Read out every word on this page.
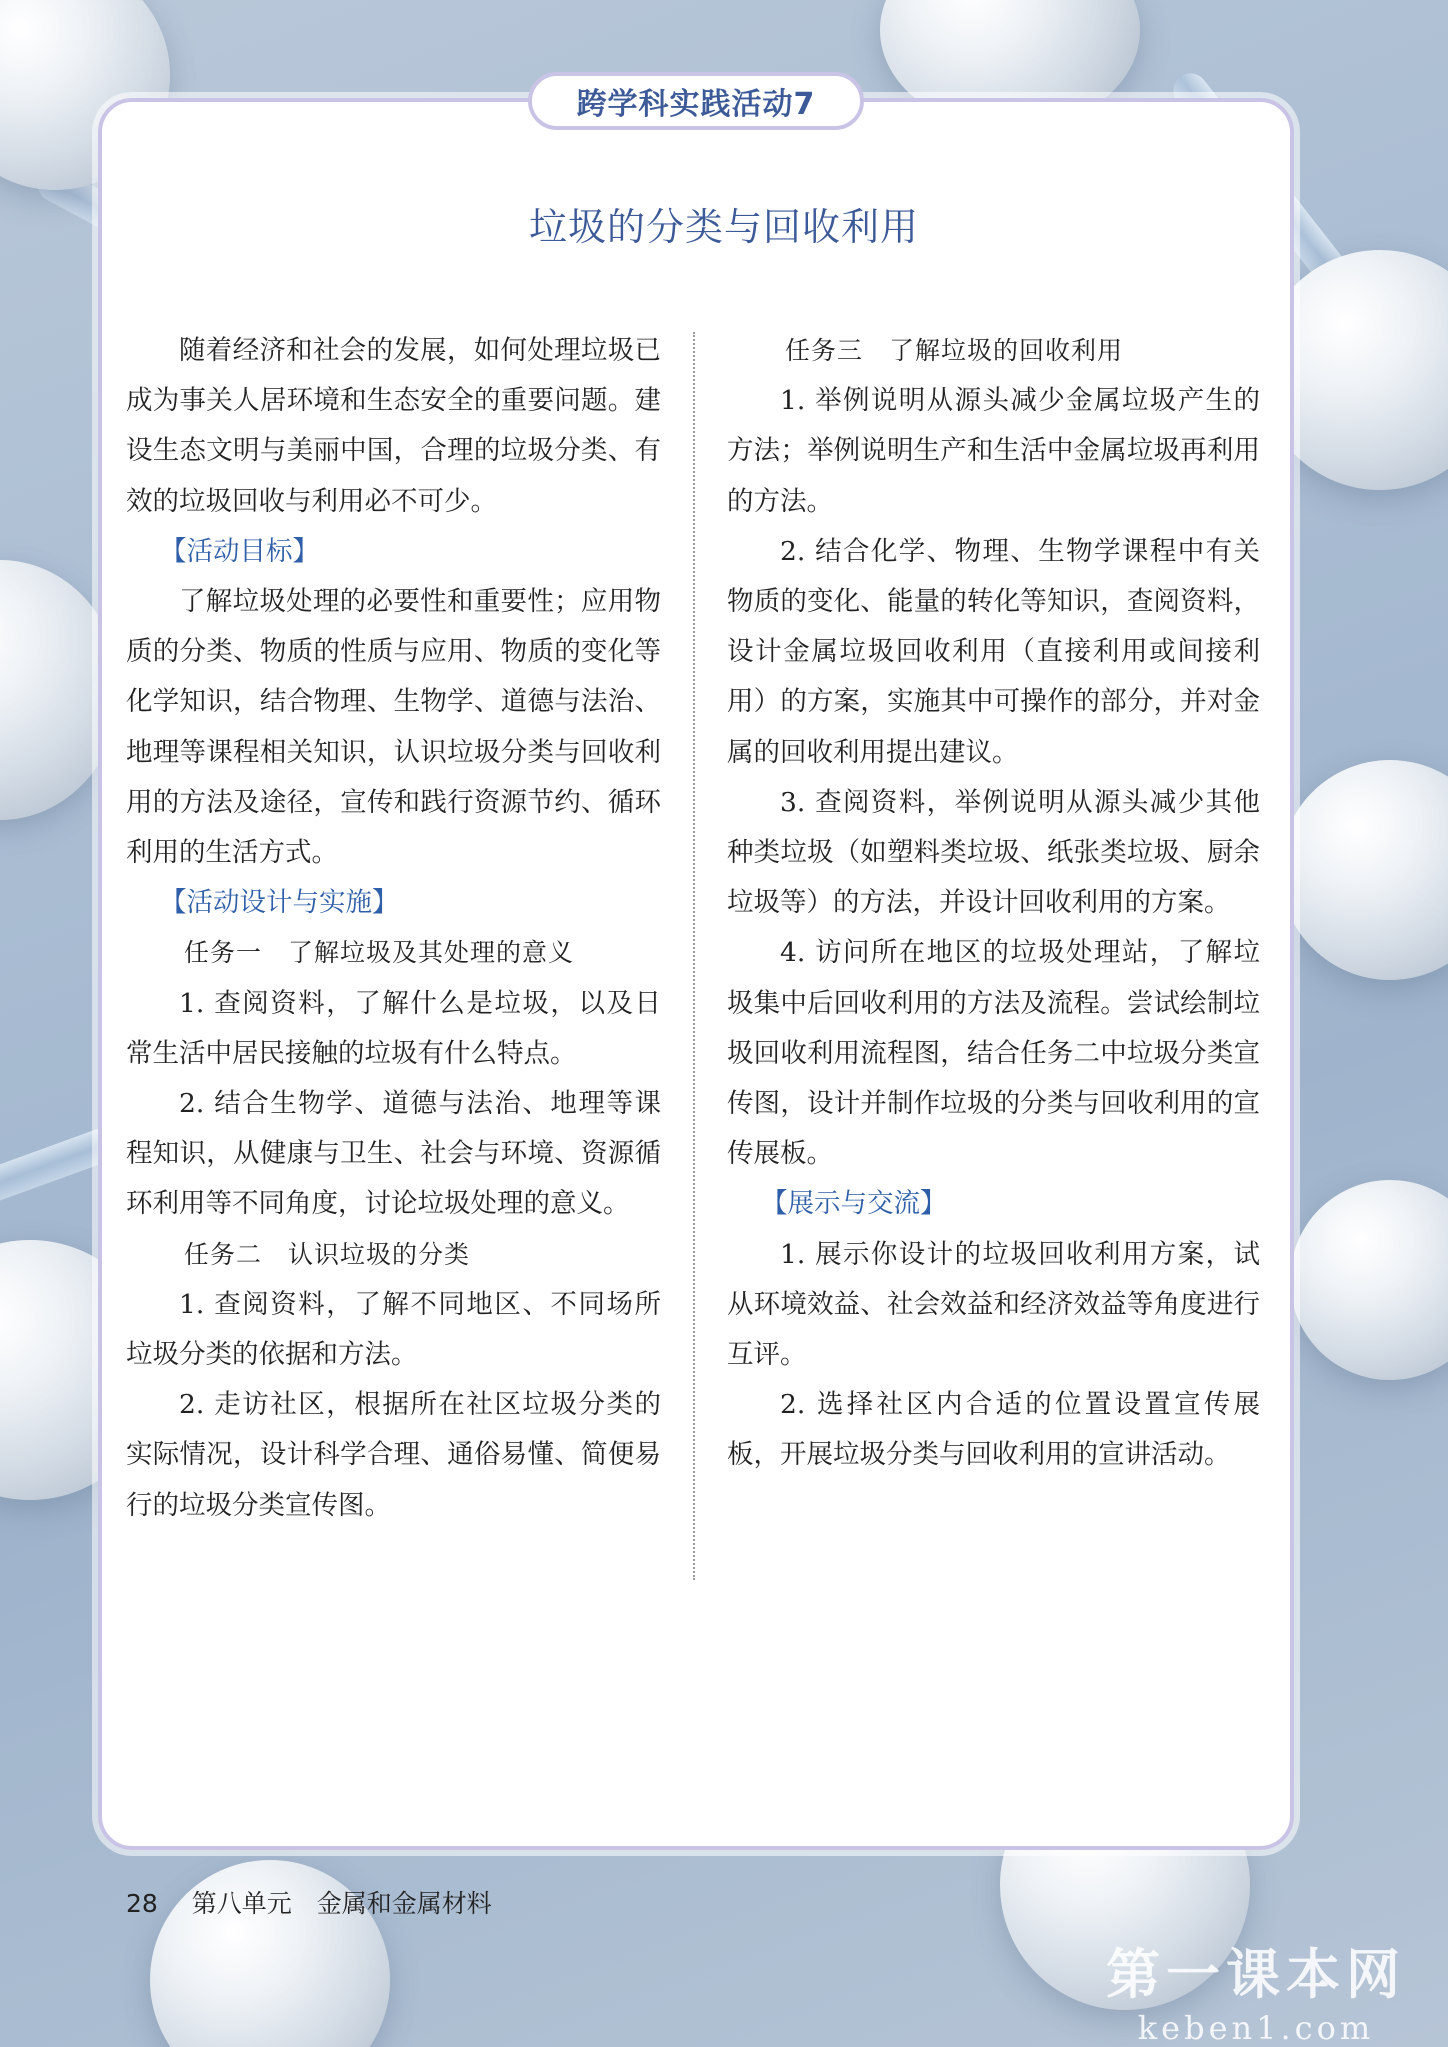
跨学科实践活动7
垃圾的分类与回收利用

随着经济和社会的发展，如何处理垃圾已成为事关人居环境和生态安全的重要问题。建设生态文明与美丽中国，合理的垃圾分类、有效的垃圾回收与利用必不可少。

【活动目标】

了解垃圾处理的必要性和重要性；应用物质的分类、物质的性质与应用、物质的变化等化学知识，结合物理、生物学、道德与法治、地理等课程相关知识，认识垃圾分类与回收利用的方法及途径，宣传和践行资源节约、循环利用的生活方式。

【活动设计与实施】

任务一　了解垃圾及其处理的意义

1. 查阅资料，了解什么是垃圾，以及日常生活中居民接触的垃圾有什么特点。

2. 结合生物学、道德与法治、地理等课程知识，从健康与卫生、社会与环境、资源循环利用等不同角度，讨论垃圾处理的意义。

任务二　认识垃圾的分类

1. 查阅资料，了解不同地区、不同场所垃圾分类的依据和方法。

2. 走访社区，根据所在社区垃圾分类的实际情况，设计科学合理、通俗易懂、简便易行的垃圾分类宣传图。

任务三　了解垃圾的回收利用

1. 举例说明从源头减少金属垃圾产生的方法；举例说明生产和生活中金属垃圾再利用的方法。

2. 结合化学、物理、生物学课程中有关物质的变化、能量的转化等知识，查阅资料，设计金属垃圾回收利用（直接利用或间接利用）的方案，实施其中可操作的部分，并对金属的回收利用提出建议。

3. 查阅资料，举例说明从源头减少其他种类垃圾（如塑料类垃圾、纸张类垃圾、厨余垃圾等）的方法，并设计回收利用的方案。

4. 访问所在地区的垃圾处理站，了解垃圾集中后回收利用的方法及流程。尝试绘制垃圾回收利用流程图，结合任务二中垃圾分类宣传图，设计并制作垃圾的分类与回收利用的宣传展板。

【展示与交流】

1. 展示你设计的垃圾回收利用方案，试从环境效益、社会效益和经济效益等角度进行互评。

2. 选择社区内合适的位置设置宣传展板，开展垃圾分类与回收利用的宣讲活动。

28 第八单元　金属和金属材料
第一课本网
keben1.com
